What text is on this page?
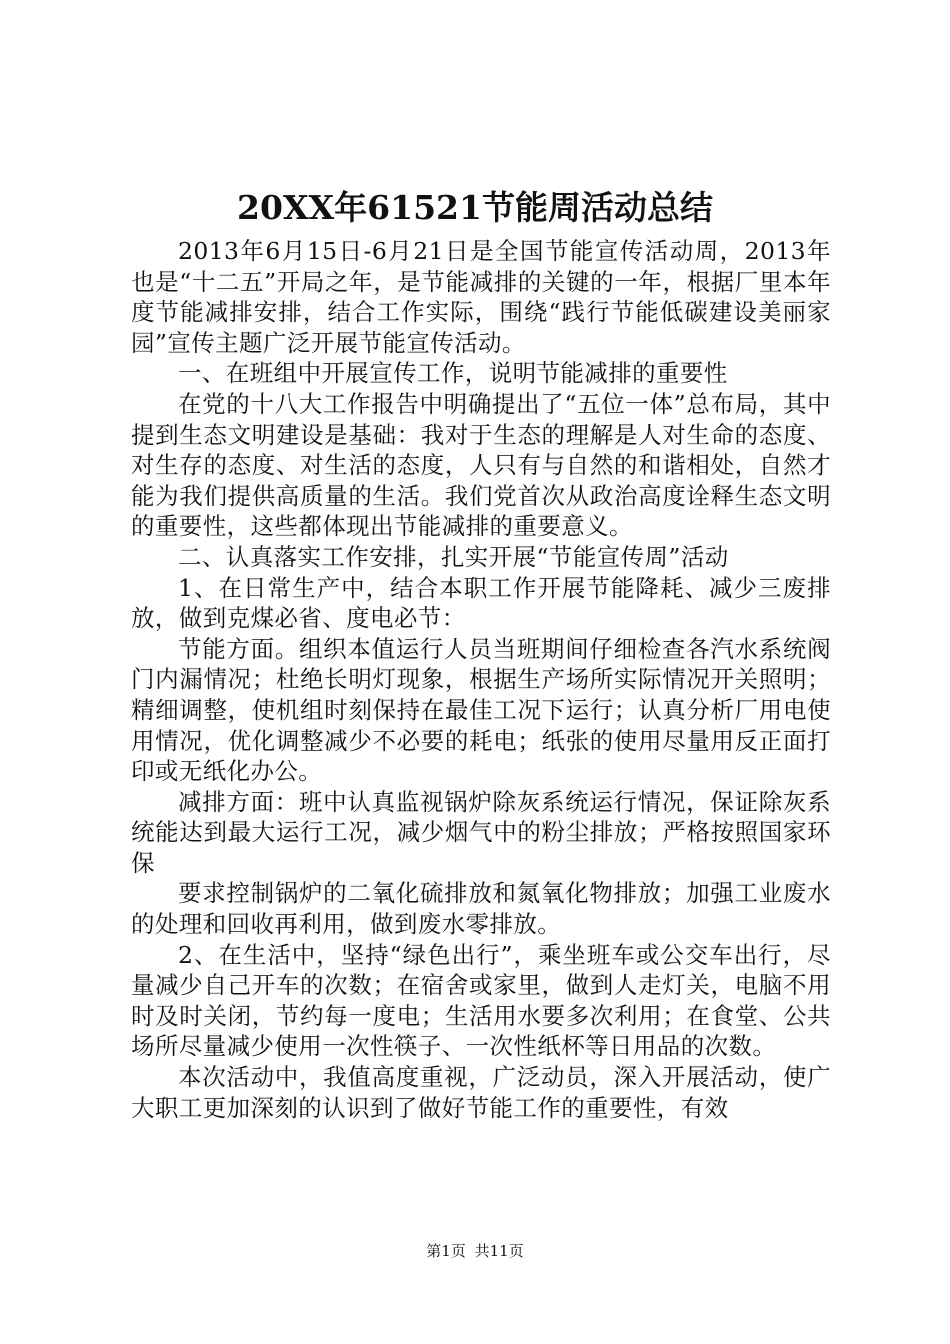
20XX年61521节能周活动总结

2013年6月15日-6月21日是全国节能宣传活动周，2013年也是“十二五”开局之年，是节能减排的关键的一年，根据厂里本年度节能减排安排，结合工作实际，围绕“践行节能低碳建设美丽家园”宣传主题广泛开展节能宣传活动。

一、在班组中开展宣传工作，说明节能减排的重要性

在党的十八大工作报告中明确提出了“五位一体”总布局，其中提到生态文明建设是基础：我对于生态的理解是人对生命的态度、对生存的态度、对生活的态度，人只有与自然的和谐相处，自然才能为我们提供高质量的生活。我们党首次从政治高度诠释生态文明的重要性，这些都体现出节能减排的重要意义。

二、认真落实工作安排，扎实开展“节能宣传周”活动

1、在日常生产中，结合本职工作开展节能降耗、减少三废排放，做到克煤必省、度电必节：

节能方面。组织本值运行人员当班期间仔细检查各汽水系统阀门内漏情况；杜绝长明灯现象，根据生产场所实际情况开关照明；精细调整，使机组时刻保持在最佳工况下运行；认真分析厂用电使用情况，优化调整减少不必要的耗电；纸张的使用尽量用反正面打印或无纸化办公。

减排方面：班中认真监视锅炉除灰系统运行情况，保证除灰系统能达到最大运行工况，减少烟气中的粉尘排放；严格按照国家环保

要求控制锅炉的二氧化硫排放和氮氧化物排放；加强工业废水的处理和回收再利用，做到废水零排放。

2、在生活中，坚持“绿色出行”，乘坐班车或公交车出行，尽量减少自己开车的次数；在宿舍或家里，做到人走灯关，电脑不用时及时关闭，节约每一度电；生活用水要多次利用；在食堂、公共场所尽量减少使用一次性筷子、一次性纸杯等日用品的次数。

本次活动中，我值高度重视，广泛动员，深入开展活动，使广大职工更加深刻的认识到了做好节能工作的重要性，有效

第1页 共11页
